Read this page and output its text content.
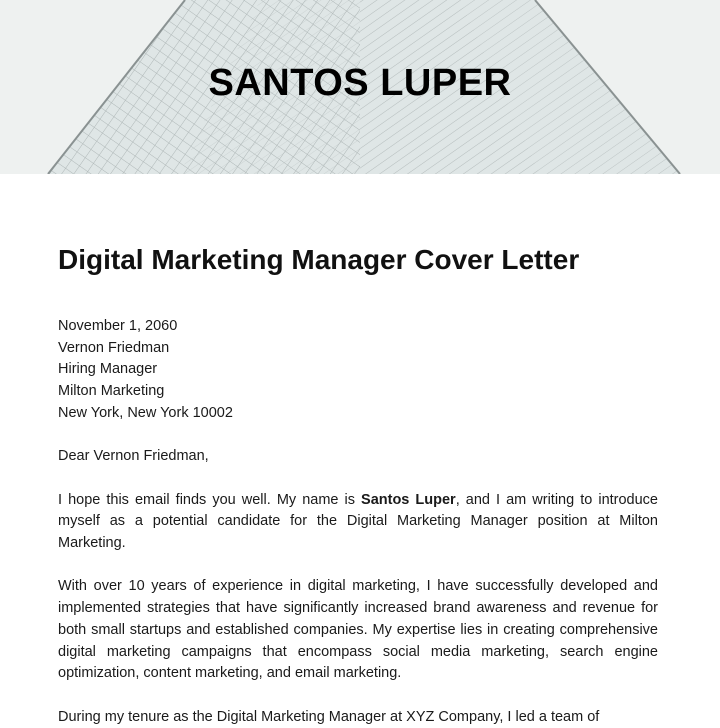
SANTOS LUPER
Digital Marketing Manager Cover Letter
November 1, 2060
Vernon Friedman
Hiring Manager
Milton Marketing
New York, New York 10002

Dear Vernon Friedman,

I hope this email finds you well. My name is Santos Luper, and I am writing to introduce myself as a potential candidate for the Digital Marketing Manager position at Milton Marketing.

With over 10 years of experience in digital marketing, I have successfully developed and implemented strategies that have significantly increased brand awareness and revenue for both small startups and established companies. My expertise lies in creating comprehensive digital marketing campaigns that encompass social media marketing, search engine optimization, content marketing, and email marketing.

During my tenure as the Digital Marketing Manager at XYZ Company, I led a team of
